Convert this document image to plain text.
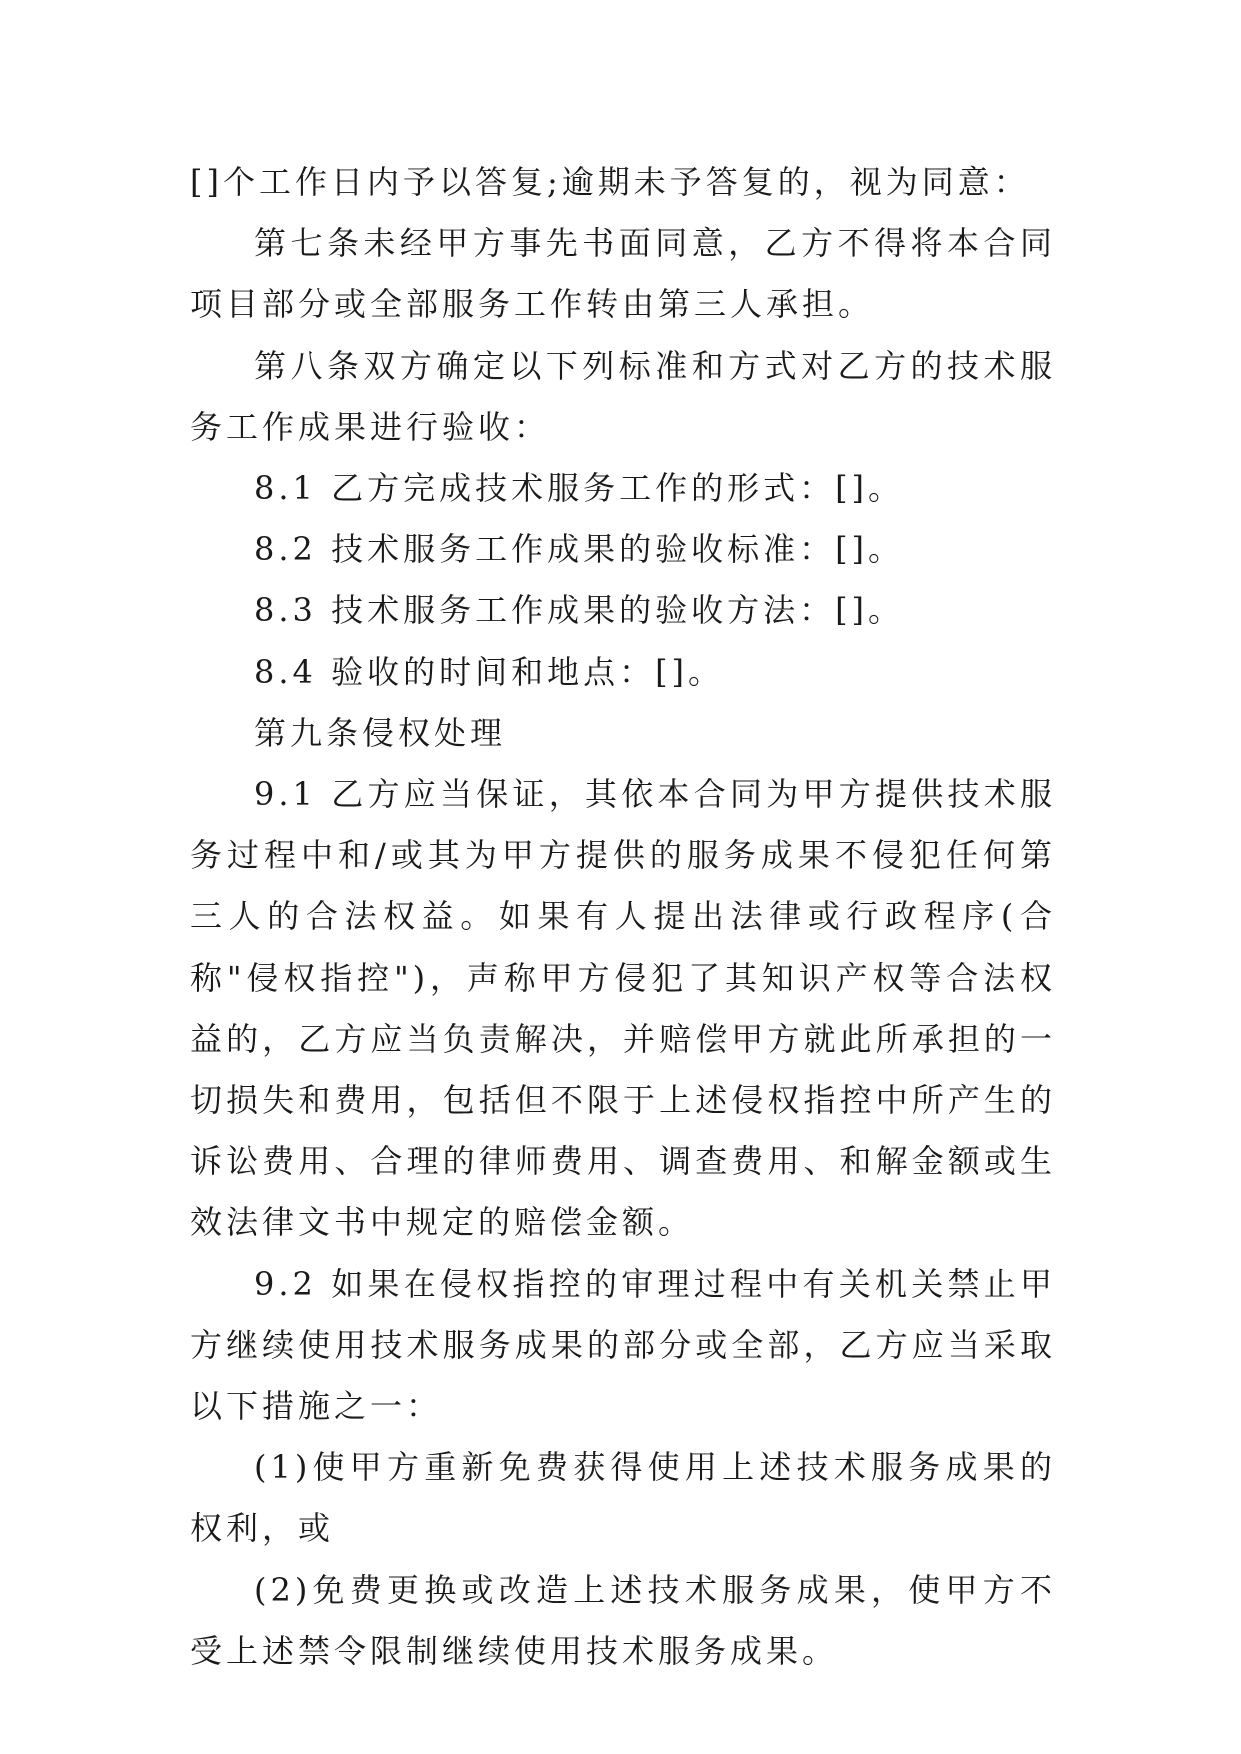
[]个工作日内予以答复;逾期未予答复的，视为同意：

第七条未经甲方事先书面同意，乙方不得将本合同项目部分或全部服务工作转由第三人承担。

第八条双方确定以下列标准和方式对乙方的技术服务工作成果进行验收：

8.1 乙方完成技术服务工作的形式：[]。

8.2 技术服务工作成果的验收标准：[]。

8.3 技术服务工作成果的验收方法：[]。

8.4 验收的时间和地点：[]。

第九条侵权处理

9.1 乙方应当保证，其依本合同为甲方提供技术服务过程中和/或其为甲方提供的服务成果不侵犯任何第三人的合法权益。如果有人提出法律或行政程序(合称"侵权指控")，声称甲方侵犯了其知识产权等合法权益的，乙方应当负责解决，并赔偿甲方就此所承担的一切损失和费用，包括但不限于上述侵权指控中所产生的诉讼费用、合理的律师费用、调查费用、和解金额或生效法律文书中规定的赔偿金额。

9.2 如果在侵权指控的审理过程中有关机关禁止甲方继续使用技术服务成果的部分或全部，乙方应当采取以下措施之一：

(1)使甲方重新免费获得使用上述技术服务成果的权利，或

(2)免费更换或改造上述技术服务成果，使甲方不受上述禁令限制继续使用技术服务成果。
